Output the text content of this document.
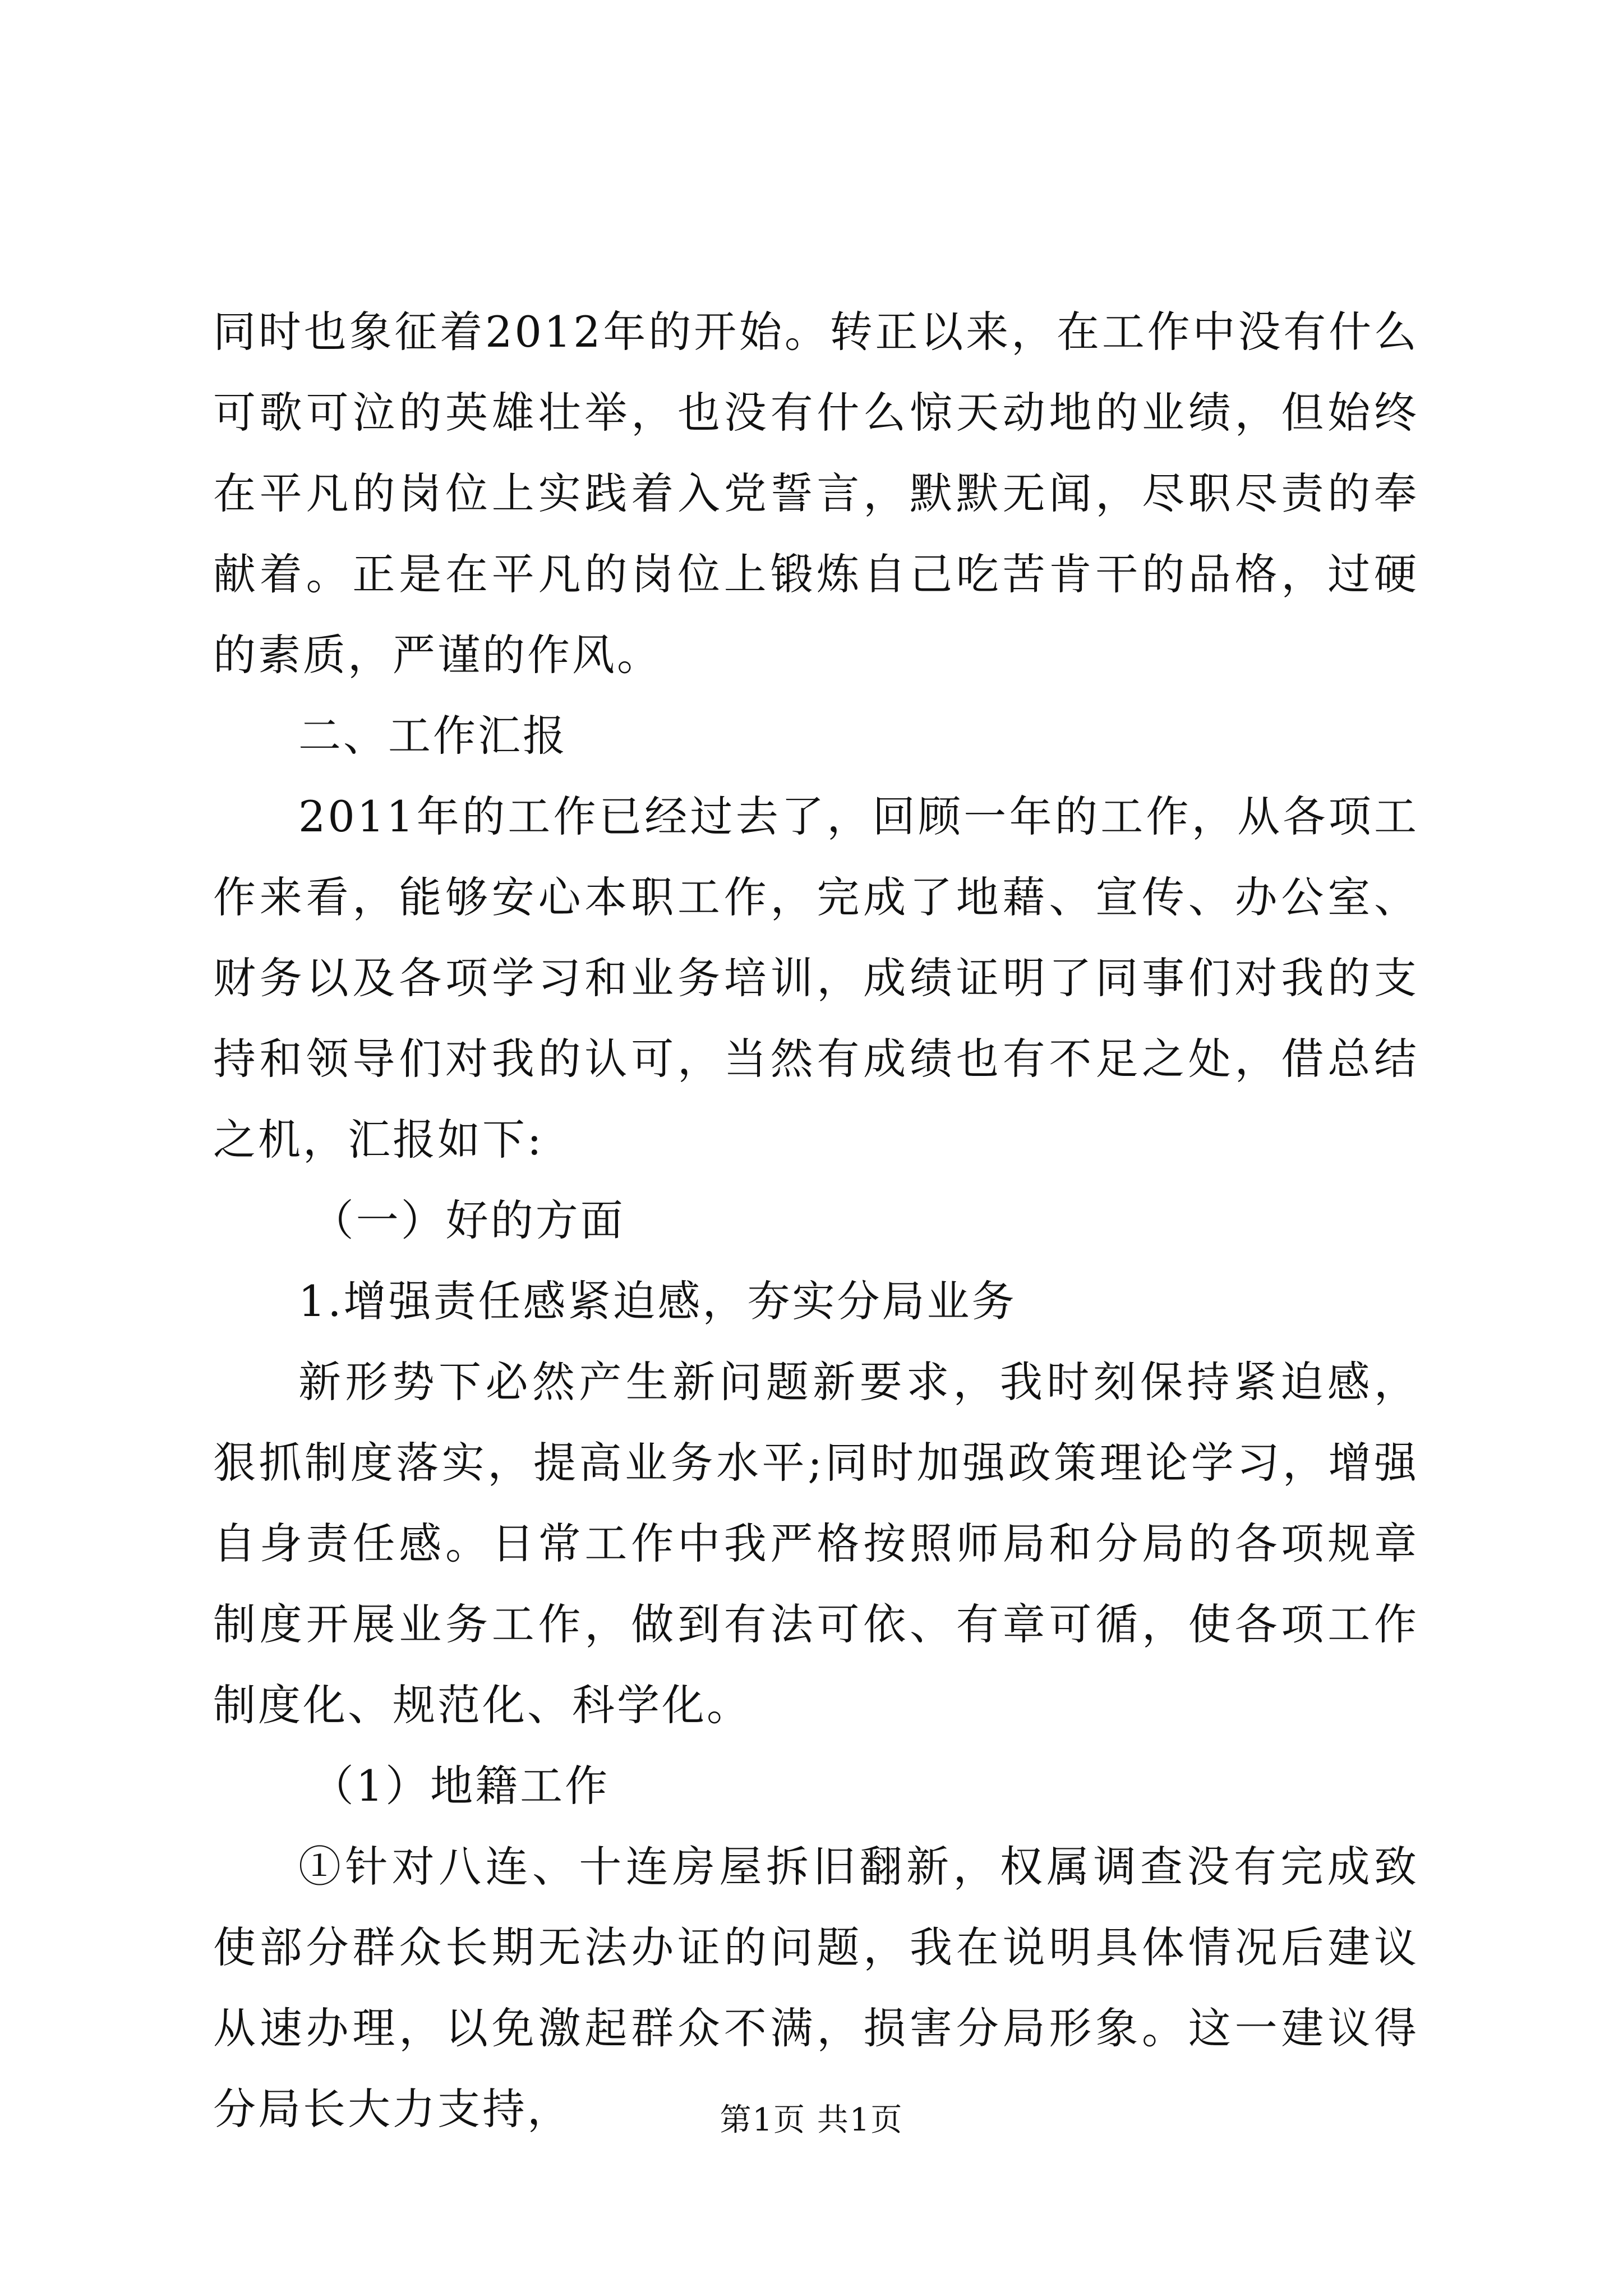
同时也象征着2012年的开始。转正以来，在工作中没有什么可歌可泣的英雄壮举，也没有什么惊天动地的业绩，但始终在平凡的岗位上实践着入党誓言，默默无闻，尽职尽责的奉献着。正是在平凡的岗位上锻炼自己吃苦肯干的品格，过硬的素质，严谨的作风。

二、工作汇报

2011年的工作已经过去了，回顾一年的工作，从各项工作来看，能够安心本职工作，完成了地藉、宣传、办公室、财务以及各项学习和业务培训，成绩证明了同事们对我的支持和领导们对我的认可，当然有成绩也有不足之处，借总结之机，汇报如下:

（一）好的方面

1.增强责任感紧迫感，夯实分局业务

新形势下必然产生新问题新要求，我时刻保持紧迫感，狠抓制度落实，提高业务水平;同时加强政策理论学习，增强自身责任感。日常工作中我严格按照师局和分局的各项规章制度开展业务工作，做到有法可依、有章可循，使各项工作制度化、规范化、科学化。

（1）地籍工作

①针对八连、十连房屋拆旧翻新，权属调查没有完成致使部分群众长期无法办证的问题，我在说明具体情况后建议从速办理，以免激起群众不满，损害分局形象。这一建议得分局长大力支持，	第1页 共1页
